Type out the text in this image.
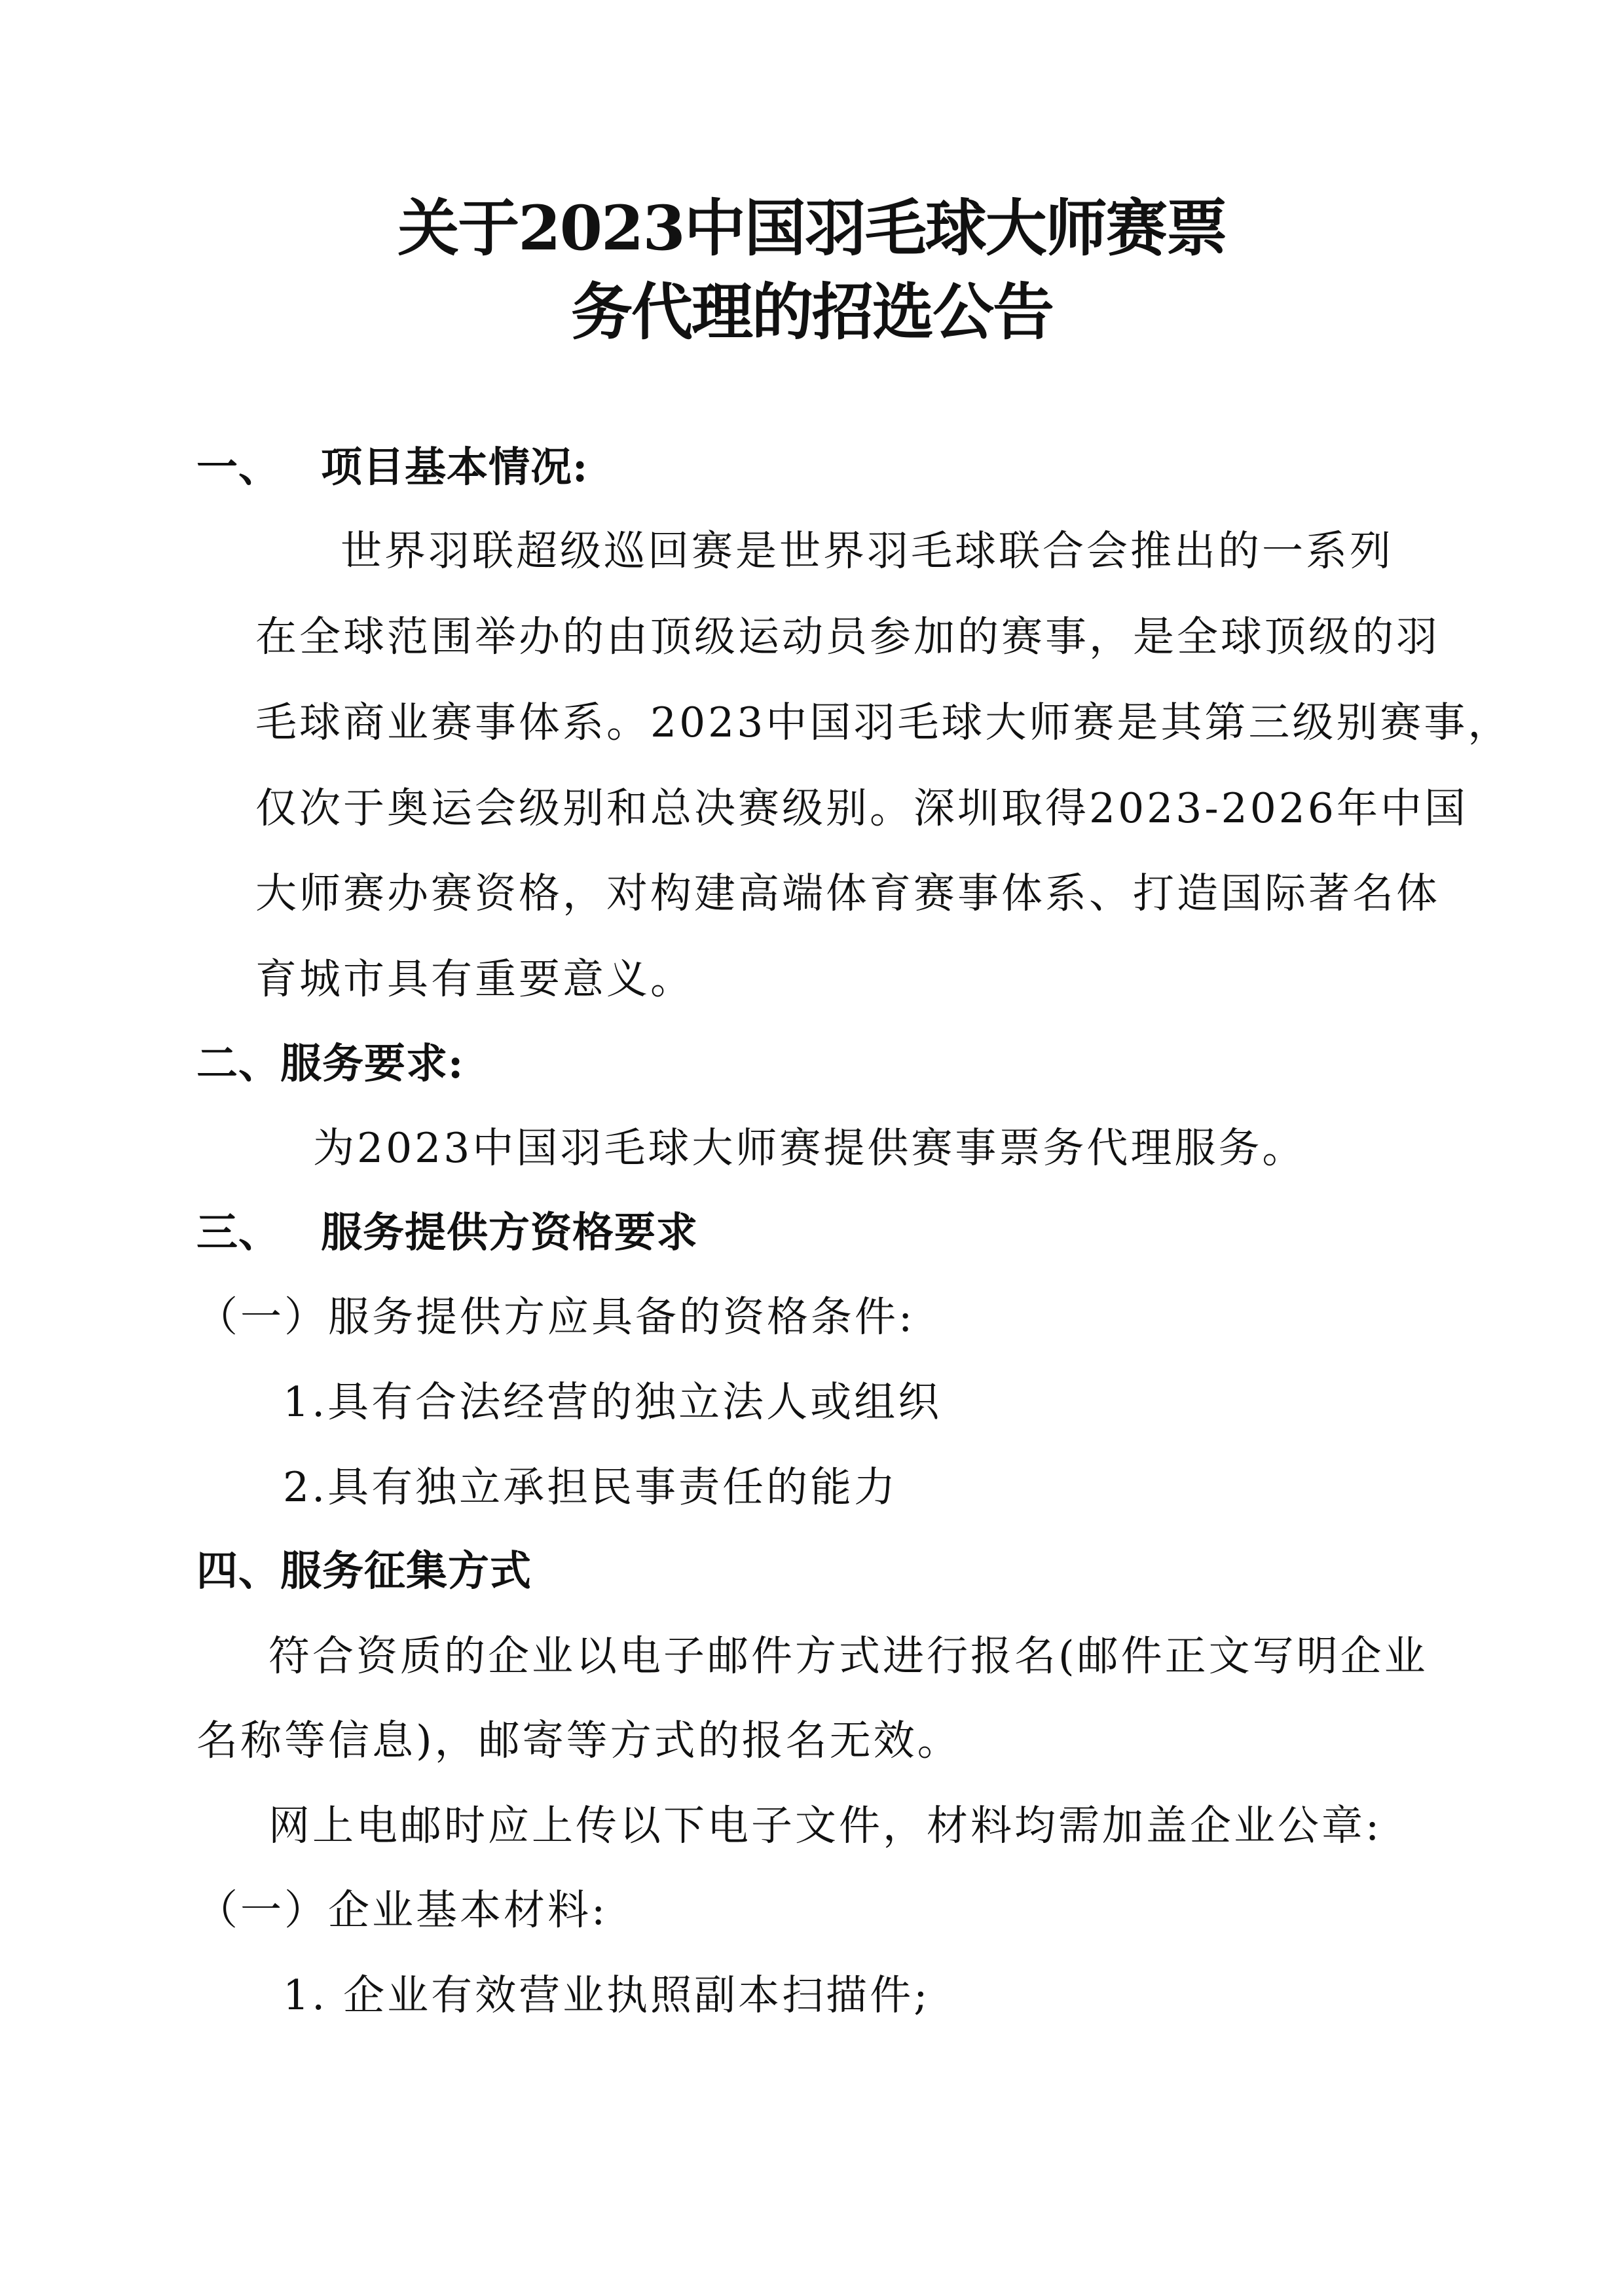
关于2023中国羽毛球大师赛票
务代理的招选公告
一、 项目基本情况:
世界羽联超级巡回赛是世界羽毛球联合会推出的一系列
在全球范围举办的由顶级运动员参加的赛事，是全球顶级的羽
毛球商业赛事体系。2023中国羽毛球大师赛是其第三级别赛事，
仅次于奥运会级别和总决赛级别。深圳取得2023-2026年中国
大师赛办赛资格，对构建高端体育赛事体系、打造国际著名体
育城市具有重要意义。
二、服务要求:
为2023中国羽毛球大师赛提供赛事票务代理服务。
三、 服务提供方资格要求
（一）服务提供方应具备的资格条件:
1.具有合法经营的独立法人或组织
2.具有独立承担民事责任的能力
四、服务征集方式
符合资质的企业以电子邮件方式进行报名(邮件正文写明企业
名称等信息)，邮寄等方式的报名无效。
网上电邮时应上传以下电子文件，材料均需加盖企业公章:
（一）企业基本材料:
1. 企业有效营业执照副本扫描件;
